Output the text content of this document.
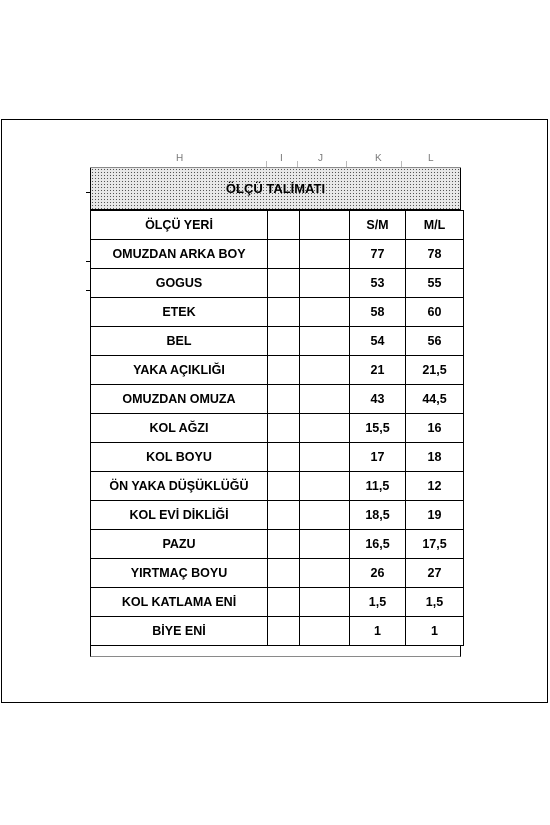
H	I	J	K	L
ÖLÇÜ TALİMATI
ÖLÇÜ YERİ			S/M	M/L
OMUZDAN ARKA BOY			77	78
GOGUS			53	55
ETEK			58	60
BEL			54	56
YAKA AÇIKLIĞI			21	21,5
OMUZDAN OMUZA			43	44,5
KOL AĞZI			15,5	16
KOL BOYU			17	18
ÖN YAKA DÜŞÜKLÜĞÜ			11,5	12
KOL EVİ DİKLİĞİ			18,5	19
PAZU			16,5	17,5
YIRTMAÇ BOYU			26	27
KOL KATLAMA ENİ			1,5	1,5
BİYE ENİ			1	1
